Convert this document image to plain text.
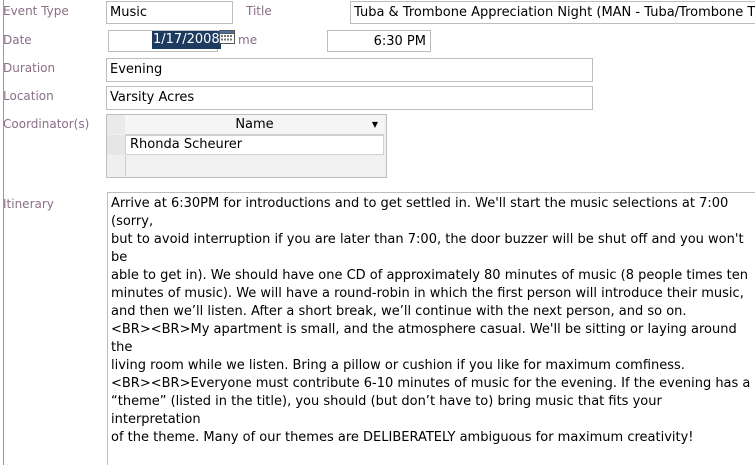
Event Type	Music	Title	Tuba & Trombone Appreciation Night (MAN - Tuba/Trombone T
Date	1/17/2008 me	6:30 PM
Duration	Evening
Location	Varsity Acres
Coordinator(s)	Name	▼
Rhonda Scheurer
Itinerary	Arrive at 6:30PM for introductions and to get settled in. We'll start the music selections at 7:00 (sorry,

but to avoid interruption if you are later than 7:00, the door buzzer will be shut off and you won't be

able to get in). We should have one CD of approximately 80 minutes of music (8 people times ten

minutes of music). We will have a round-robin in which the first person will introduce their music,

and then we’ll listen. After a short break, we’ll continue with the next person, and so on.

<BR><BR>My apartment is small, and the atmosphere casual. We'll be sitting or laying around the

living room while we listen. Bring a pillow or cushion if you like for maximum comfiness.

<BR><BR>Everyone must contribute 6-10 minutes of music for the evening. If the evening has a

“theme” (listed in the title), you should (but don’t have to) bring music that fits your interpretation

of the theme. Many of our themes are DELIBERATELY ambiguous for maximum creativity!
